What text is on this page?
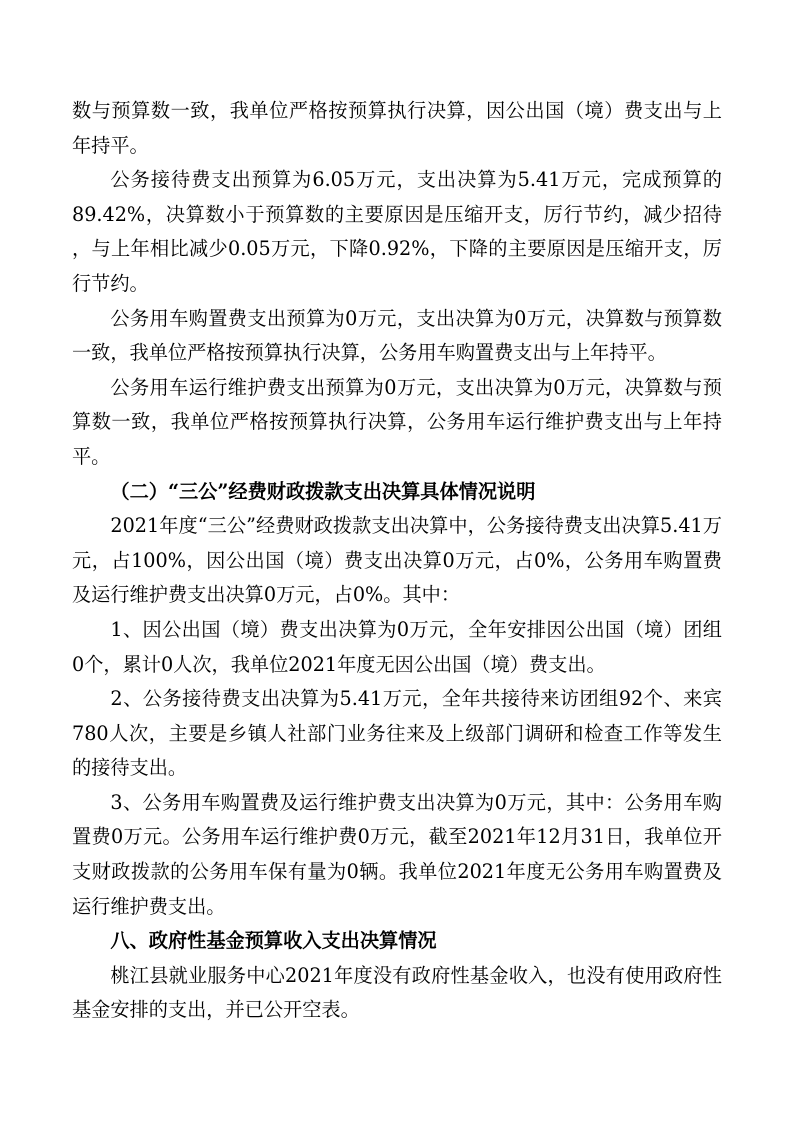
数与预算数一致，我单位严格按预算执行决算，因公出国（境）费支出与上年持平。

公务接待费支出预算为6.05万元，支出决算为5.41万元，完成预算的89.42%，决算数小于预算数的主要原因是压缩开支，厉行节约，减少招待 ，与上年相比减少0.05万元，下降0.92%，下降的主要原因是压缩开支，厉行节约。

公务用车购置费支出预算为0万元，支出决算为0万元，决算数与预算数一致，我单位严格按预算执行决算，公务用车购置费支出与上年持平。

公务用车运行维护费支出预算为0万元，支出决算为0万元，决算数与预算数一致，我单位严格按预算执行决算，公务用车运行维护费支出与上年持平。

（二）“三公”经费财政拨款支出决算具体情况说明

2021年度“三公”经费财政拨款支出决算中，公务接待费支出决算5.41万元，占100%，因公出国（境）费支出决算0万元，占0%，公务用车购置费及运行维护费支出决算0万元，占0%。其中：

1、因公出国（境）费支出决算为0万元，全年安排因公出国（境）团组0个，累计0人次，我单位2021年度无因公出国（境）费支出。

2、公务接待费支出决算为5.41万元，全年共接待来访团组92个、来宾780人次，主要是乡镇人社部门业务往来及上级部门调研和检查工作等发生的接待支出。

3、公务用车购置费及运行维护费支出决算为0万元，其中：公务用车购置费0万元。公务用车运行维护费0万元，截至2021年12月31日，我单位开支财政拨款的公务用车保有量为0辆。我单位2021年度无公务用车购置费及运行维护费支出。

八、政府性基金预算收入支出决算情况

桃江县就业服务中心2021年度没有政府性基金收入，也没有使用政府性基金安排的支出，并已公开空表。
